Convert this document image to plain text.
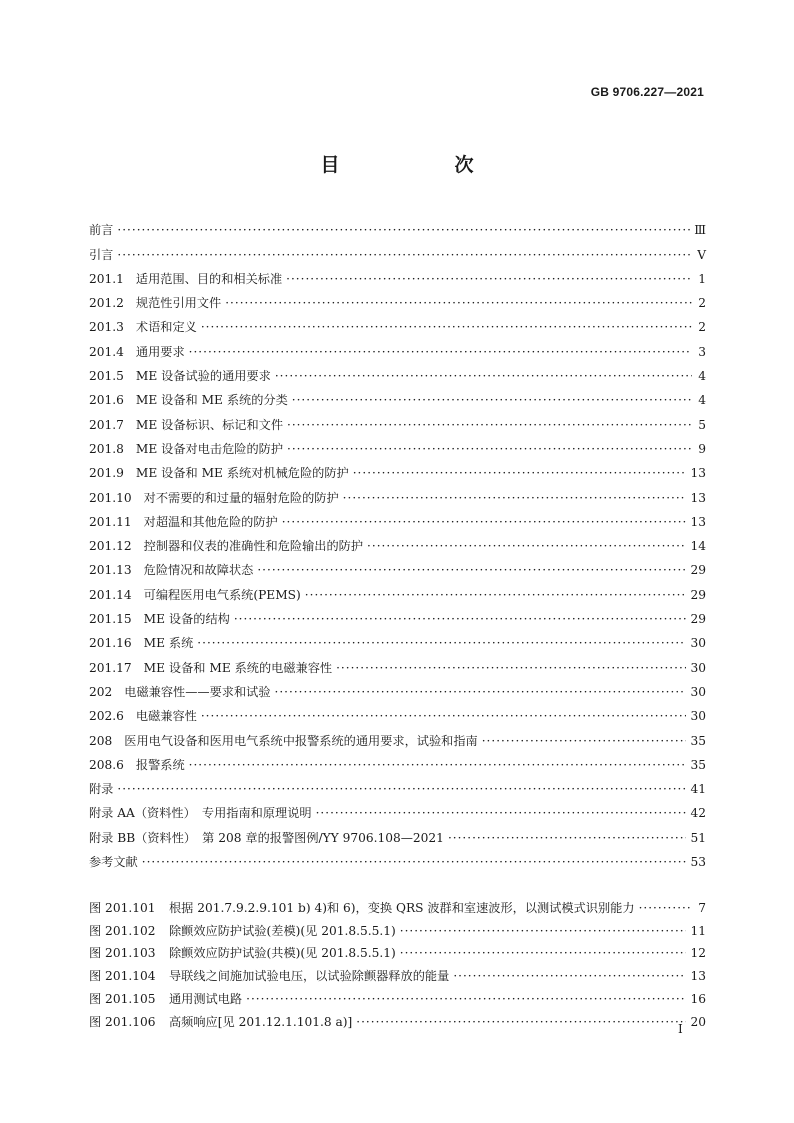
GB 9706.227—2021
目　次
前言 · · ·	Ⅲ
引言 · · ·	Ⅴ
201.1 适用范围、目的和相关标准 · · ·	1
201.2 规范性引用文件 · · ·	2
201.3 术语和定义 · · ·	2
201.4 通用要求 · · ·	3
201.5 ME 设备试验的通用要求 · · ·	4
201.6 ME 设备和 ME 系统的分类 · · ·	4
201.7 ME 设备标识、标记和文件 · · ·	5
201.8 ME 设备对电击危险的防护 · · ·	9
201.9 ME 设备和 ME 系统对机械危险的防护 · · ·	13
201.10 对不需要的和过量的辐射危险的防护 · · ·	13
201.11 对超温和其他危险的防护 · · ·	13
201.12 控制器和仪表的准确性和危险输出的防护 · · ·	14
201.13 危险情况和故障状态 · · ·	29
201.14 可编程医用电气系统(PEMS) · · ·	29
201.15 ME 设备的结构 · · ·	29
201.16 ME 系统 · · ·	30
201.17 ME 设备和 ME 系统的电磁兼容性 · · ·	30
202 电磁兼容性——要求和试验 · · ·	30
202.6 电磁兼容性 · · ·	30
208 医用电气设备和医用电气系统中报警系统的通用要求，试验和指南 · · ·	35
208.6 报警系统 · · ·	35
附录 · · ·	41
附录 AA（资料性）　专用指南和原理说明 · · ·	42
附录 BB（资料性）　第 208 章的报警图例/YY 9706.108—2021 · · ·	51
参考文献 · · ·	53
图 201.101	根据 201.7.9.2.9.101 b) 4)和 6)，变换 QRS 波群和室速波形，以测试模式识别能力 · · ·	7
图 201.102	除颤效应防护试验(差模)(见 201.8.5.5.1) · · ·	11
图 201.103	除颤效应防护试验(共模)(见 201.8.5.5.1) · · ·	12
图 201.104	导联线之间施加试验电压，以试验除颤器释放的能量 · · ·	13
图 201.105	通用测试电路 · · ·	16
图 201.106	高频响应[见 201.12.1.101.8 a)] · · ·	20
Ⅰ
